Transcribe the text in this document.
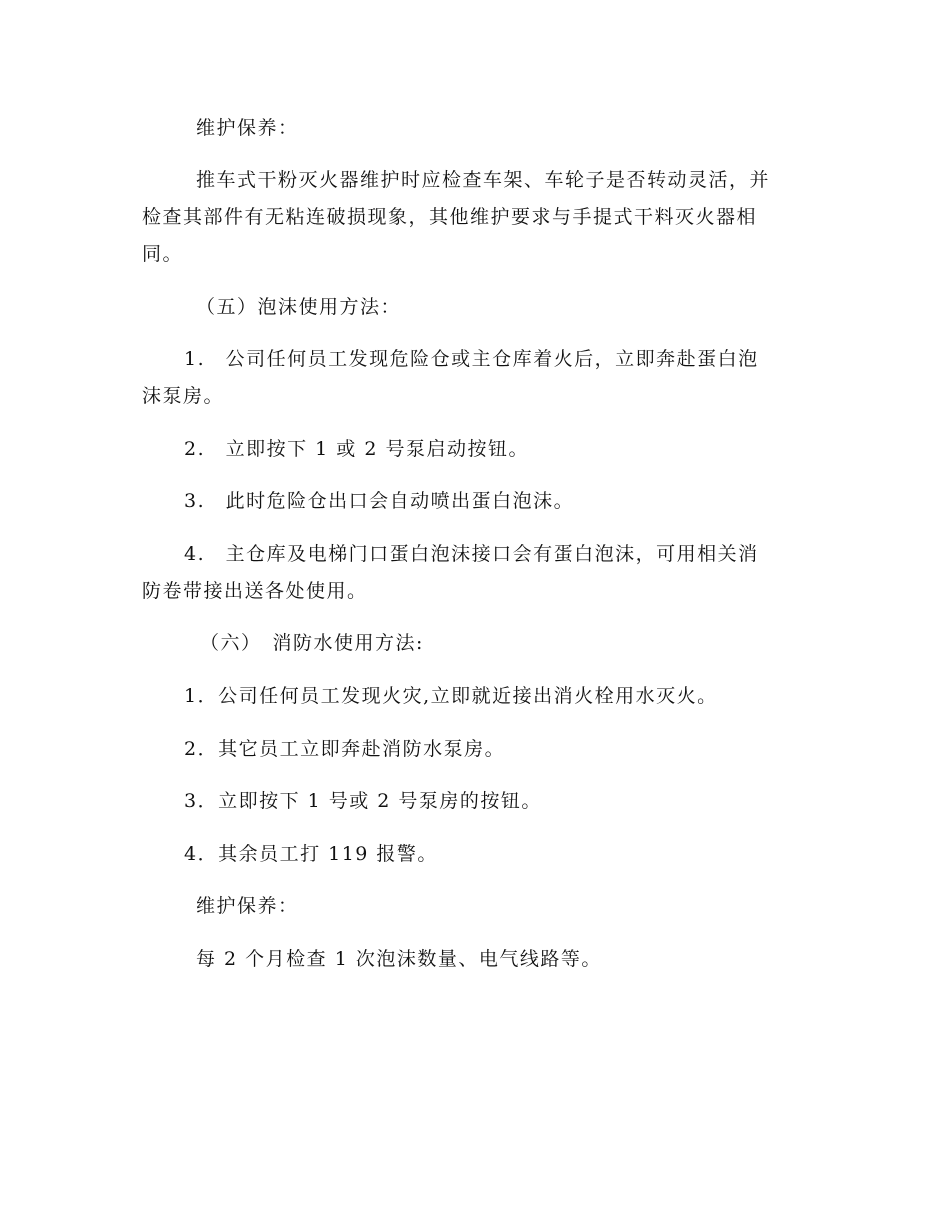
维护保养：
推车式干粉灭火器维护时应检查车架、车轮子是否转动灵活，并
检查其部件有无粘连破损现象，其他维护要求与手提式干料灭火器相
同。
（五）泡沫使用方法：
1.　公司任何员工发现危险仓或主仓库着火后，立即奔赴蛋白泡
沫泵房。
2.　立即按下 1 或 2 号泵启动按钮。
3.　此时危险仓出口会自动喷出蛋白泡沫。
4.　主仓库及电梯门口蛋白泡沫接口会有蛋白泡沫，可用相关消
防卷带接出送各处使用。
（六）　消防水使用方法:
1．公司任何员工发现火灾,立即就近接出消火栓用水灭火。
2．其它员工立即奔赴消防水泵房。
3．立即按下 1 号或 2 号泵房的按钮。
4．其余员工打 119 报警。
维护保养：
每 2 个月检查 1 次泡沫数量、电气线路等。
